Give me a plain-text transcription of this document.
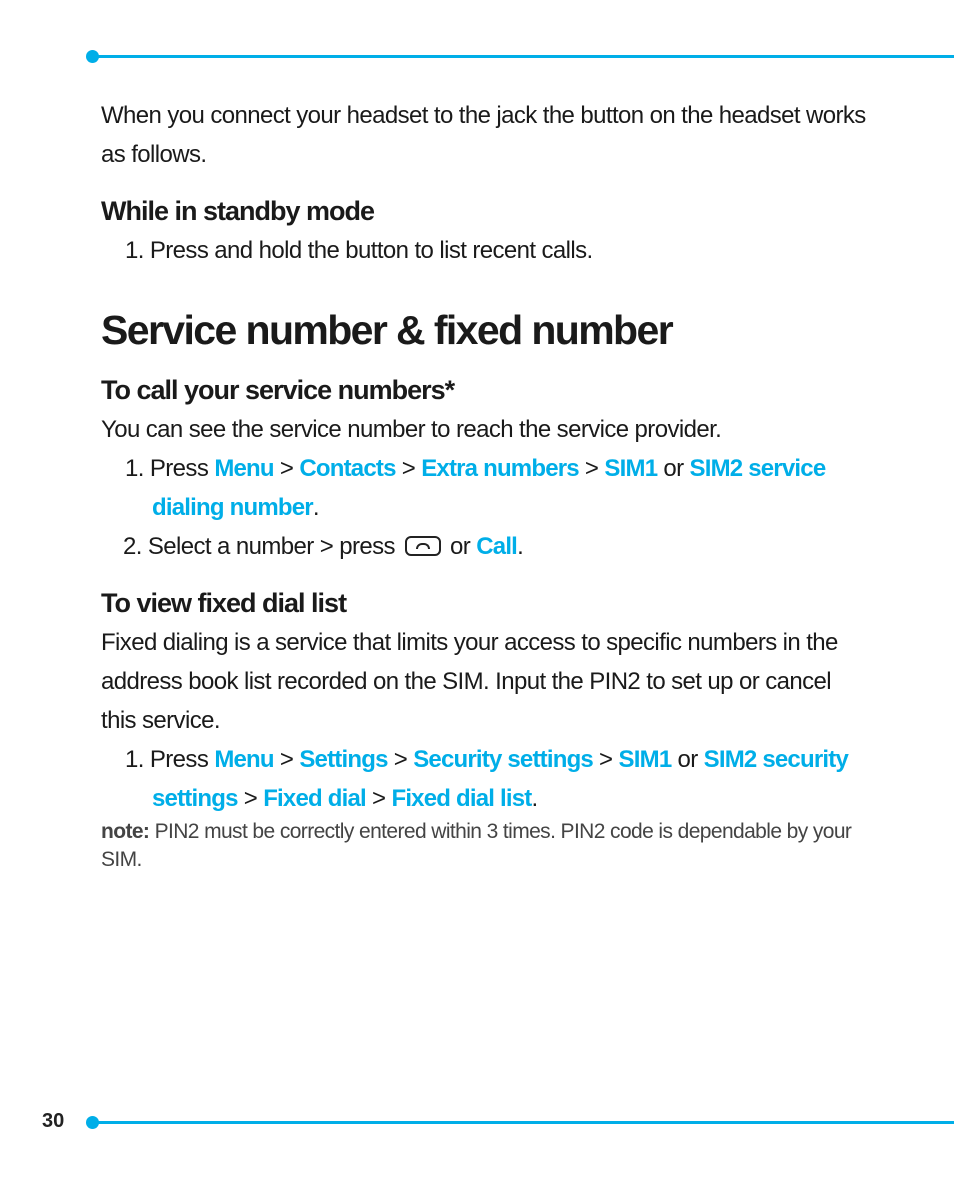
When you connect your headset to the jack the button on the headset works as follows.

While in standby mode
1. Press and hold the button to list recent calls.
Service number & fixed number
To call your service numbers*

You can see the service number to reach the service provider.

1. Press Menu > Contacts > Extra numbers > SIM1 or SIM2 service dialing number.
2. Select a number > press  or Call.
To view fixed dial list

Fixed dialing is a service that limits your access to specific numbers in the address book list recorded on the SIM. Input the PIN2 to set up or cancel this service.

1. Press Menu > Settings > Security settings > SIM1 or SIM2 security settings > Fixed dial > Fixed dial list.
note: PIN2 must be correctly entered within 3 times. PIN2 code is dependable by your SIM.
30
